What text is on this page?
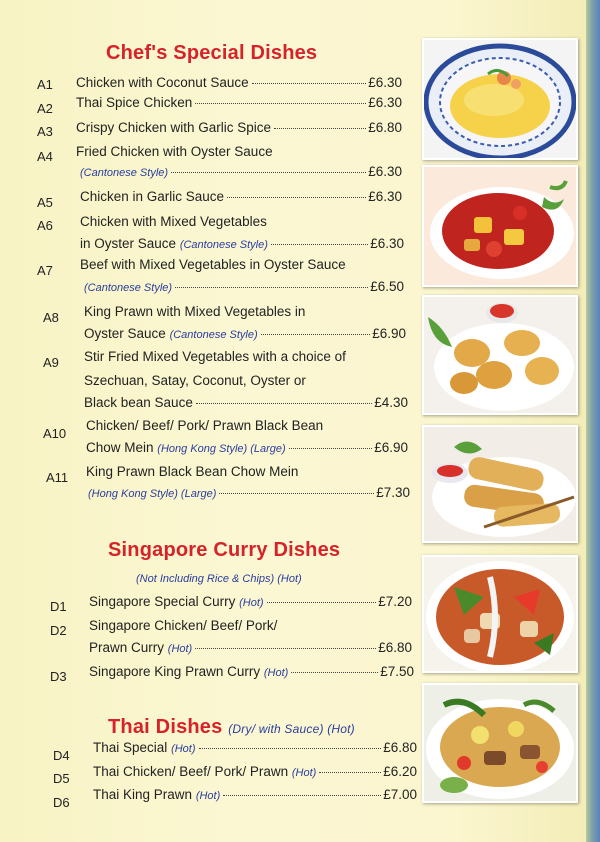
Chef's Special Dishes
A1 Chicken with Coconut Sauce	£6.30
A2 Thai Spice Chicken	£6.30
A3 Crispy Chicken with Garlic Spice	£6.80
A4 Fried Chicken with Oyster Sauce
(Cantonese Style)	£6.30
A5 Chicken in Garlic Sauce	£6.30
A6 Chicken with Mixed Vegetables
in Oyster Sauce
(Cantonese Style)	£6.30
A7 Beef with Mixed Vegetables in Oyster Sauce
(Cantonese Style)	£6.50
A8 King Prawn with Mixed Vegetables in
Oyster Sauce
(Cantonese Style)	£6.90
A9 Stir Fried Mixed Vegetables with a choice of
Szechuan, Satay, Coconut, Oyster or
Black bean Sauce	£4.30
A10
Chicken/ Beef/ Pork/ Prawn Black Bean
Chow Mein
(Hong Kong Style) (Large)	£6.90
A11 King Prawn Black Bean Chow Mein
(Hong Kong Style) (Large)	£7.30
Singapore Curry Dishes
(Not Including Rice & Chips) (Hot)
D1 Singapore Special Curry
(Hot)	£7.20
D2 Singapore Chicken/ Beef/ Pork/
Prawn Curry
(Hot)	£6.80
D3 Singapore King Prawn Curry
(Hot)	£7.50
Thai Dishes (Dry/ with Sauce) (Hot)
D4
Thai Special
(Hot)	£6.80
D5 Thai Chicken/ Beef/ Pork/ Prawn
(Hot)	£6.20
D6
Thai King Prawn
(Hot)	£7.00
